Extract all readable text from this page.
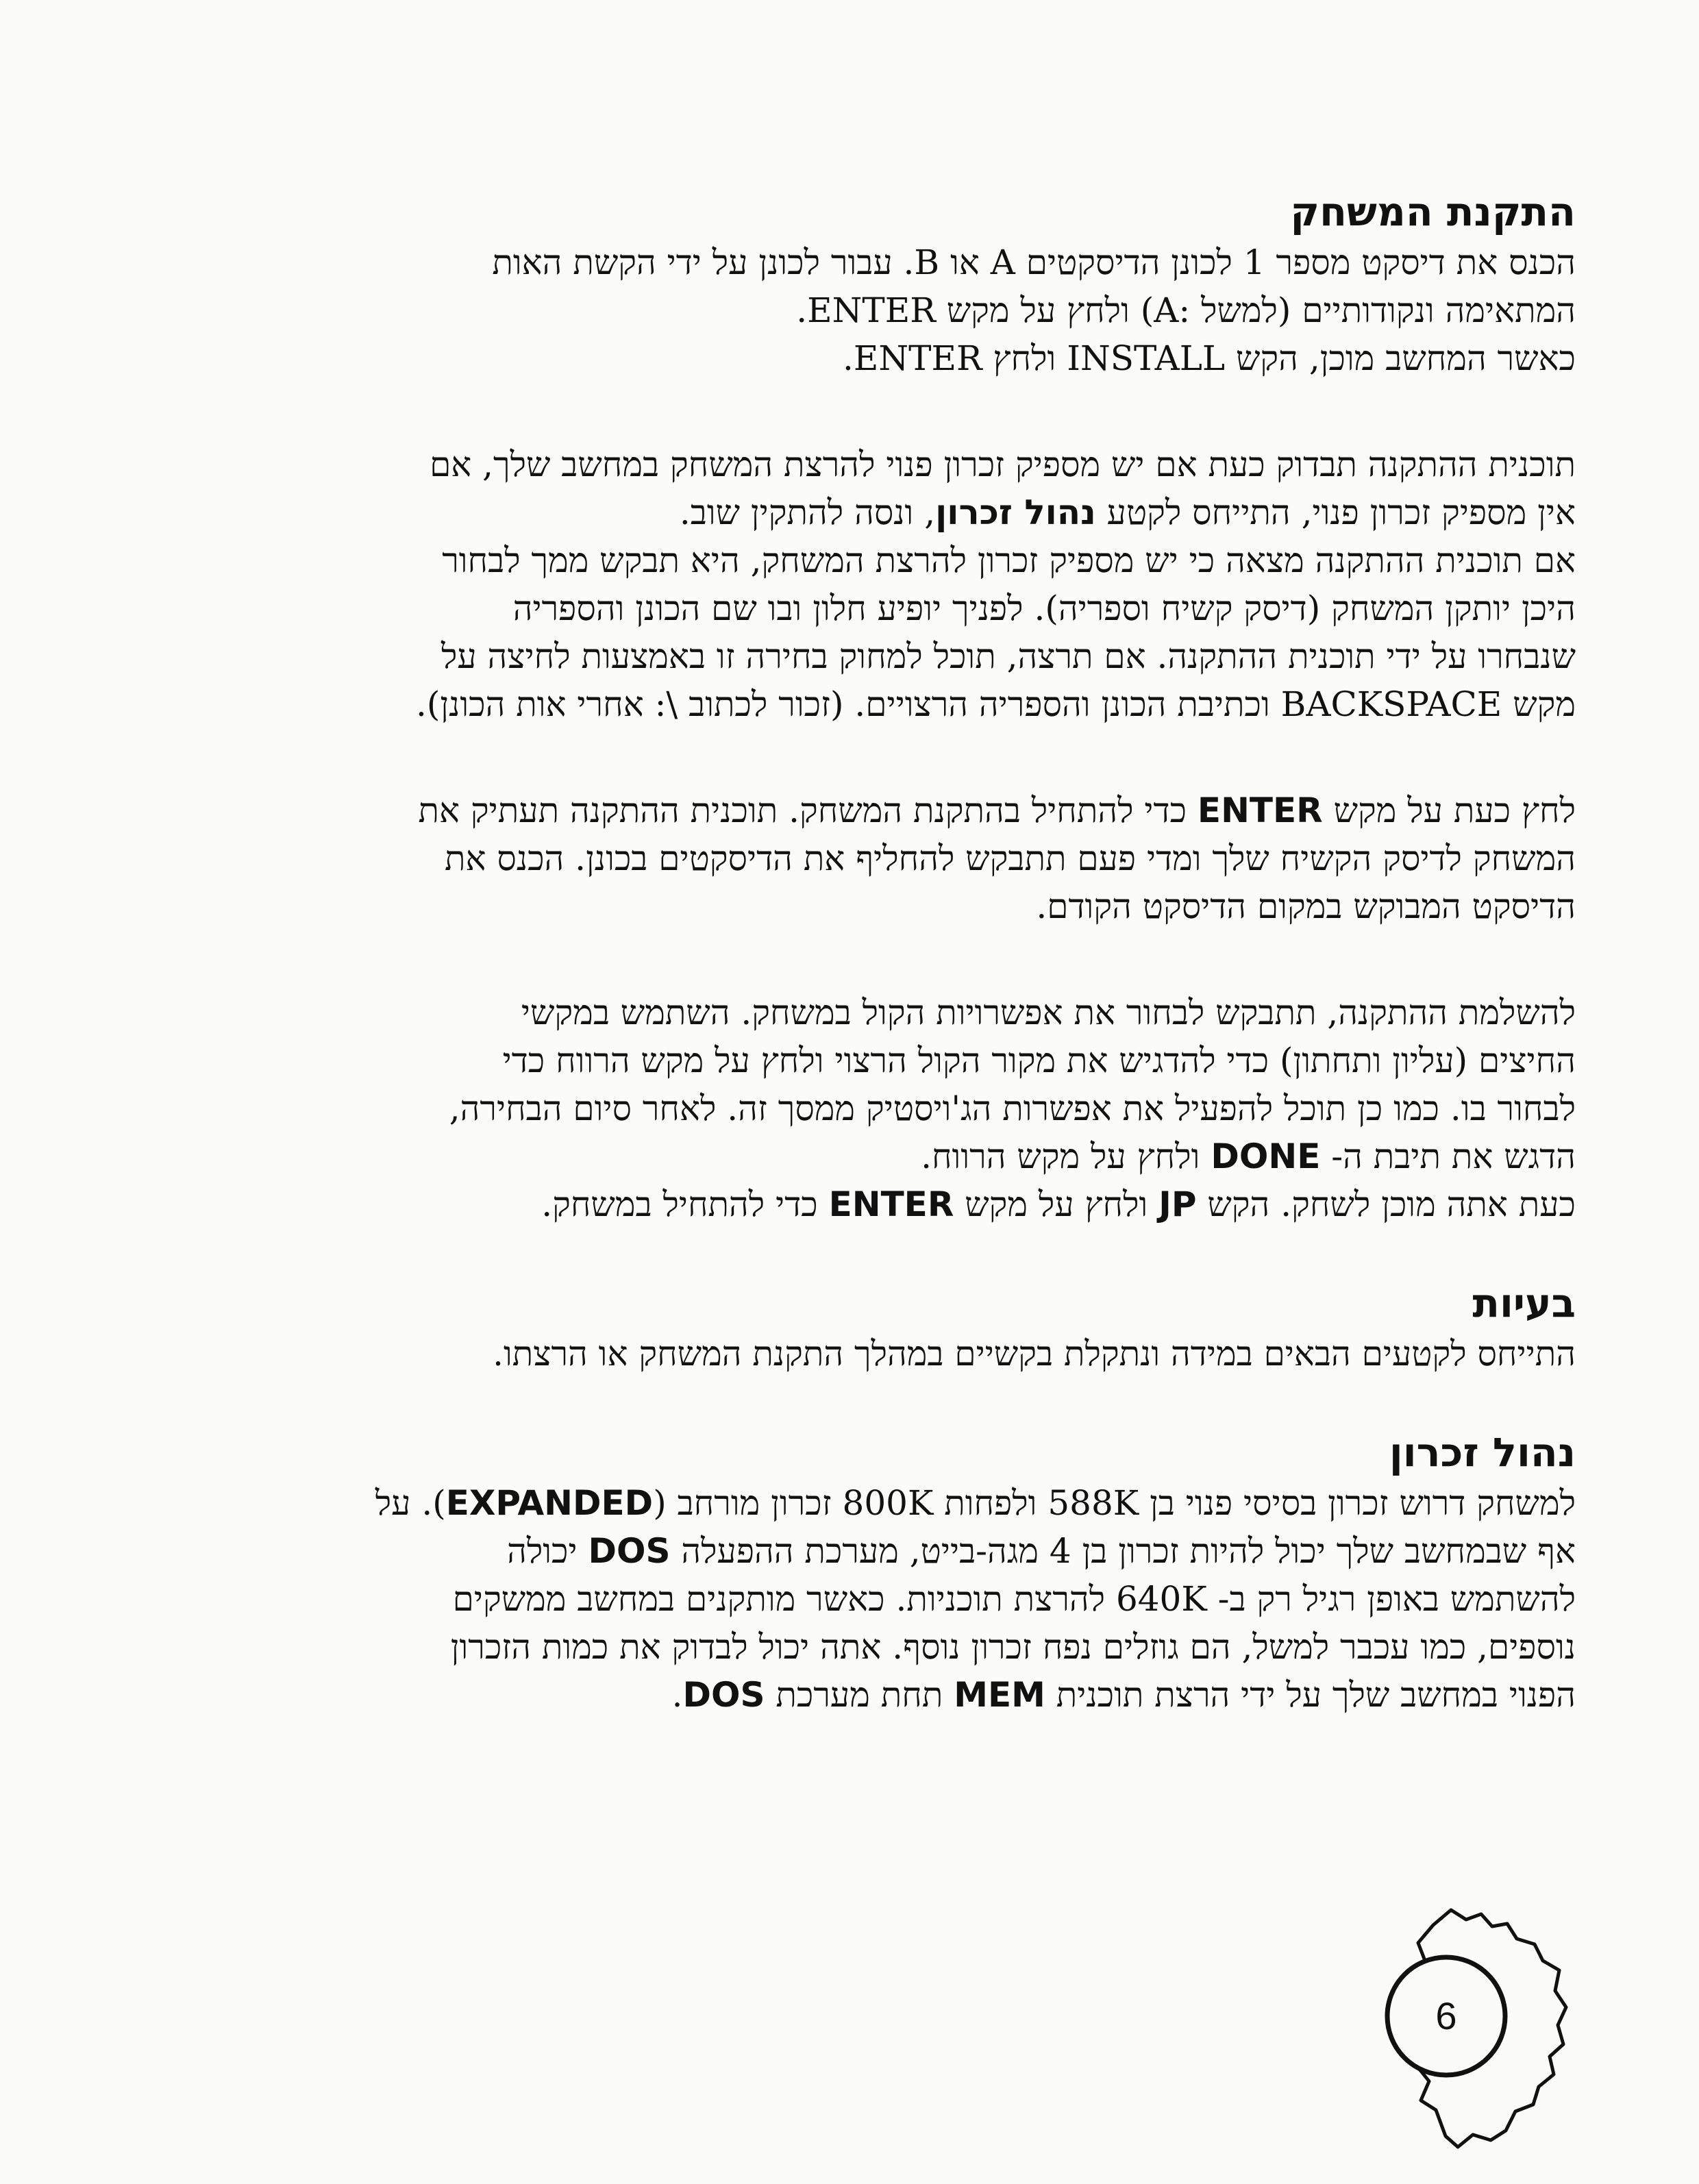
התקנת המשחק

הכנס את דיסקט מספר 1 לכונן הדיסקטים A או B. עבור לכונן על ידי הקשת האות

המתאימה ונקודותיים (למשל :A) ולחץ על מקש ENTER.

כאשר המחשב מוכן, הקש INSTALL ולחץ ENTER.

תוכנית ההתקנה תבדוק כעת אם יש מספיק זכרון פנוי להרצת המשחק במחשב שלך, אם

אין מספיק זכרון פנוי, התייחס לקטע נהול זכרון, ונסה להתקין שוב.

אם תוכנית ההתקנה מצאה כי יש מספיק זכרון להרצת המשחק, היא תבקש ממך לבחור

היכן יותקן המשחק (דיסק קשיח וספריה). לפניך יופיע חלון ובו שם הכונן והספריה

שנבחרו על ידי תוכנית ההתקנה. אם תרצה, תוכל למחוק בחירה זו באמצעות לחיצה על

מקש BACKSPACE וכתיבת הכונן והספריה הרצויים. (זכור לכתוב \: אחרי אות הכונן).

לחץ כעת על מקש ENTER כדי להתחיל בהתקנת המשחק. תוכנית ההתקנה תעתיק את

המשחק לדיסק הקשיח שלך ומדי פעם תתבקש להחליף את הדיסקטים בכונן. הכנס את

הדיסקט המבוקש במקום הדיסקט הקודם.

להשלמת ההתקנה, תתבקש לבחור את אפשרויות הקול במשחק. השתמש במקשי

החיצים (עליון ותחתון) כדי להדגיש את מקור הקול הרצוי ולחץ על מקש הרווח כדי

לבחור בו. כמו כן תוכל להפעיל את אפשרות הג'ויסטיק ממסך זה. לאחר סיום הבחירה,

הדגש את תיבת ה- DONE ולחץ על מקש הרווח.

כעת אתה מוכן לשחק. הקש JP ולחץ על מקש ENTER כדי להתחיל במשחק.

בעיות

התייחס לקטעים הבאים במידה ונתקלת בקשיים במהלך התקנת המשחק או הרצתו.

נהול זכרון

למשחק דרוש זכרון בסיסי פנוי בן 588K ולפחות 800K זכרון מורחב (EXPANDED). על

אף שבמחשב שלך יכול להיות זכרון בן 4 מגה-בייט, מערכת ההפעלה DOS יכולה

להשתמש באופן רגיל רק ב- 640K להרצת תוכניות. כאשר מותקנים במחשב ממשקים

נוספים, כמו עכבר למשל, הם גוזלים נפח זכרון נוסף. אתה יכול לבדוק את כמות הזכרון

הפנוי במחשב שלך על ידי הרצת תוכנית MEM תחת מערכת DOS.

6
